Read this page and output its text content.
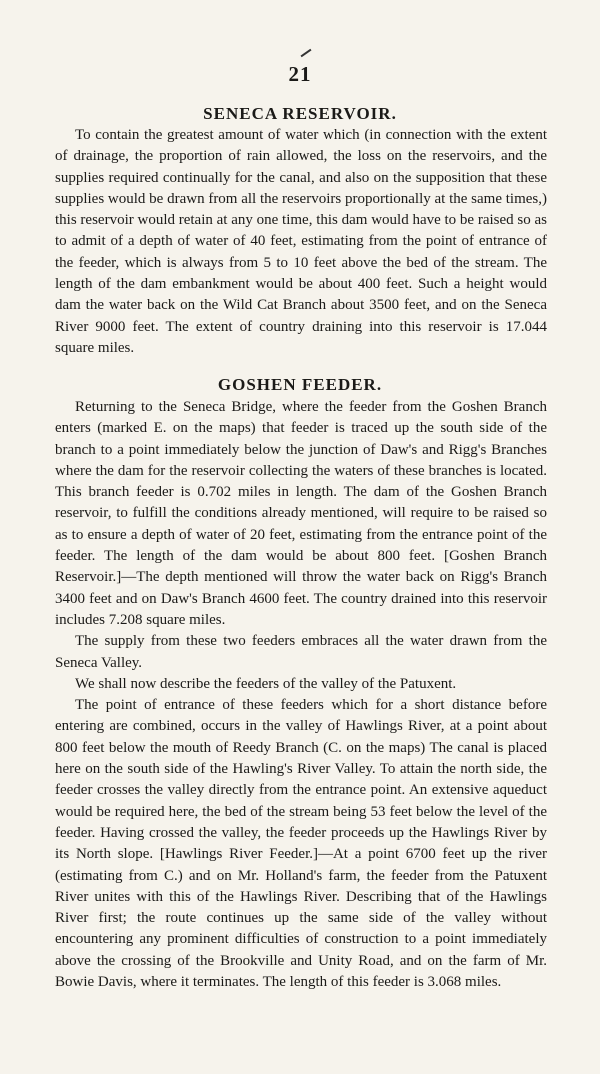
21
SENECA RESERVOIR.

To contain the greatest amount of water which (in connection with the extent of drainage, the proportion of rain allowed, the loss on the reservoirs, and the supplies required continually for the canal, and also on the supposition that these supplies would be drawn from all the reservoirs proportionally at the same times,) this reservoir would retain at any one time, this dam would have to be raised so as to admit of a depth of water of 40 feet, estimating from the point of entrance of the feeder, which is always from 5 to 10 feet above the bed of the stream. The length of the dam embankment would be about 400 feet. Such a height would dam the water back on the Wild Cat Branch about 3500 feet, and on the Seneca River 9000 feet. The extent of country draining into this reservoir is 17.044 square miles.

GOSHEN FEEDER.

Returning to the Seneca Bridge, where the feeder from the Goshen Branch enters (marked E. on the maps) that feeder is traced up the south side of the branch to a point immediately below the junction of Daw's and Rigg's Branches where the dam for the reservoir collecting the waters of these branches is located. This branch feeder is 0.702 miles in length. The dam of the Goshen Branch reservoir, to fulfill the conditions already mentioned, will require to be raised so as to ensure a depth of water of 20 feet, estimating from the entrance point of the feeder. The length of the dam would be about 800 feet. [Goshen Branch Reservoir.]—The depth mentioned will throw the water back on Rigg's Branch 3400 feet and on Daw's Branch 4600 feet. The country drained into this reservoir includes 7.208 square miles.

The supply from these two feeders embraces all the water drawn from the Seneca Valley.

We shall now describe the feeders of the valley of the Patuxent.

The point of entrance of these feeders which for a short distance before entering are combined, occurs in the valley of Hawlings River, at a point about 800 feet below the mouth of Reedy Branch (C. on the maps) The canal is placed here on the south side of the Hawling's River Valley. To attain the north side, the feeder crosses the valley directly from the entrance point. An extensive aqueduct would be required here, the bed of the stream being 53 feet below the level of the feeder. Having crossed the valley, the feeder proceeds up the Hawlings River by its North slope. [Hawlings River Feeder.]—At a point 6700 feet up the river (estimating from C.) and on Mr. Holland's farm, the feeder from the Patuxent River unites with this of the Hawlings River. Describing that of the Hawlings River first; the route continues up the same side of the valley without encountering any prominent difficulties of construction to a point immediately above the crossing of the Brookville and Unity Road, and on the farm of Mr. Bowie Davis, where it terminates. The length of this feeder is 3.068 miles.
